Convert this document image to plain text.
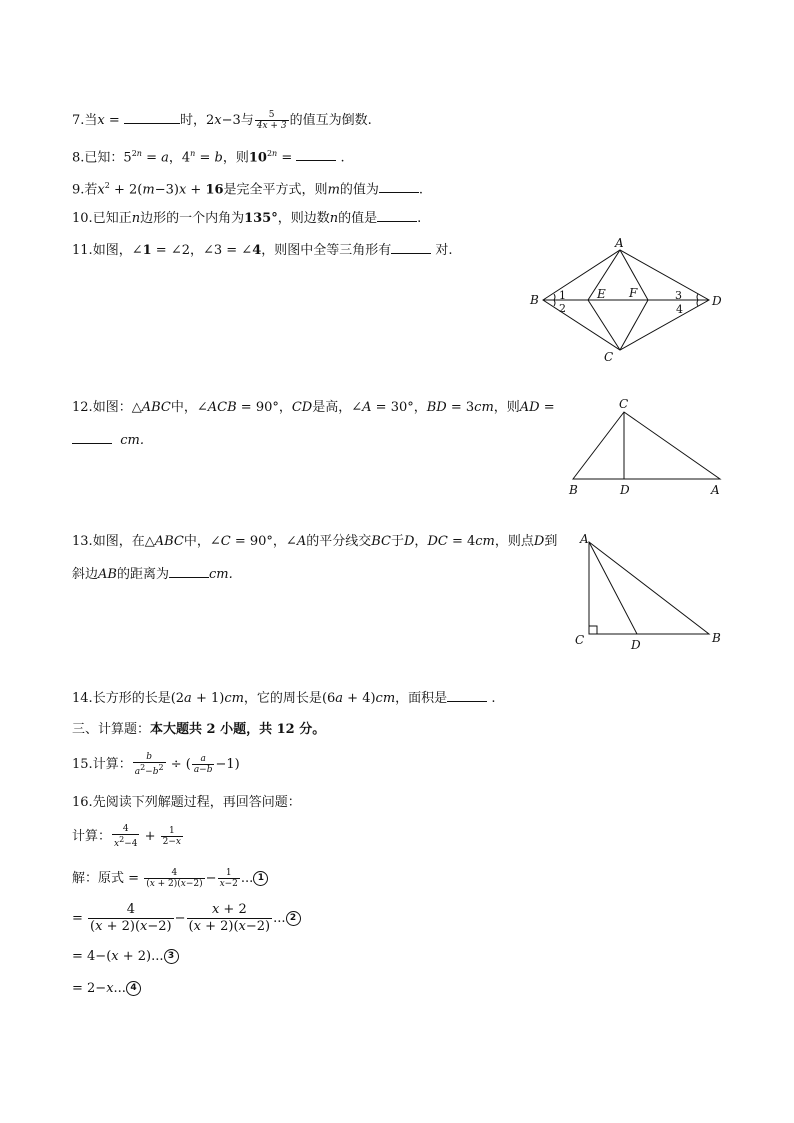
7.当x =	时，2x−3与 $\frac{5}{4x + 3}$ 的值互为倒数.
8.已知：$5^{2n} = a$，$4^n = b$，则$10^{2n}$ =	.
9.若$x^2 + 2(m-3)x + 16$是完全平方式，则m的值为	.
10.已知正n边形的一个内角为135°，则边数n的值是	.
11.如图，∠1 = ∠2，∠3 = ∠4，则图中全等三角形有	对.	A
B
C
D
E F
1
2
3
4
12.如图：△ABC中，∠ACB = 90°，CD是高，∠A = 30°，BD = 3cm，则AD =
cm.
C
B	D	A
13.如图，在△ABC中，∠C = 90°，∠A的平分线交BC于D，DC = 4cm，则点D到
斜边AB的距离为	cm.
A
C	D	B
14.长方形的长是(2a + 1)cm，它的周长是(6a + 4)cm，面积是	.
三、计算题：本大题共 2 小题，共 12 分。
15.计算： $\frac{b}{a^2-b^2}$ ÷ ( $\frac{a}{a-b} -1$)
16.先阅读下列解题过程，再回答问题：
计算： $\frac{4}{x^2-4} + \frac{1}{2-x}$
解：原式 = $\frac{4}{(x + 2)(x-2)} - \frac{1}{x-2}$ ... 1
= $\frac{4}{(x + 2)(x-2)} - \frac{x + 2}{(x + 2)(x-2)}$ ... 2
= 4−(x + 2)... 3
= 2−x... 4
